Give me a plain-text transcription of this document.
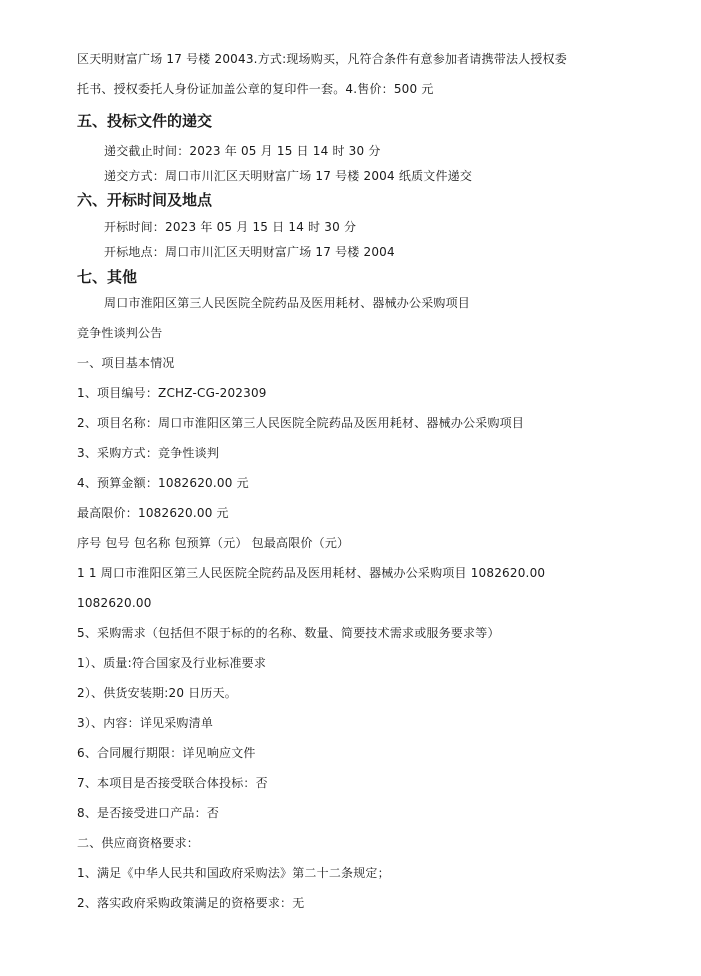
区天明财富广场 17 号楼 20043.方式:现场购买，凡符合条件有意参加者请携带法人授权委
托书、授权委托人身份证加盖公章的复印件一套。4.售价：500 元
五、投标文件的递交
递交截止时间：2023 年 05 月 15 日 14 时 30 分
递交方式：周口市川汇区天明财富广场 17 号楼 2004 纸质文件递交
六、开标时间及地点
开标时间：2023 年 05 月 15 日 14 时 30 分
开标地点：周口市川汇区天明财富广场 17 号楼 2004
七、其他
周口市淮阳区第三人民医院全院药品及医用耗材、器械办公采购项目
竞争性谈判公告
一、项目基本情况
1、项目编号：ZCHZ-CG-202309
2、项目名称：周口市淮阳区第三人民医院全院药品及医用耗材、器械办公采购项目
3、采购方式：竞争性谈判
4、预算金额：1082620.00 元
最高限价：1082620.00 元
序号 包号 包名称 包预算（元） 包最高限价（元）
1 1 周口市淮阳区第三人民医院全院药品及医用耗材、器械办公采购项目 1082620.00
1082620.00
5、采购需求（包括但不限于标的的名称、数量、简要技术需求或服务要求等）
1）、质量:符合国家及行业标准要求
2）、供货安装期:20 日历天。
3）、内容：详见采购清单
6、合同履行期限：详见响应文件
7、本项目是否接受联合体投标：否
8、是否接受进口产品：否
二、供应商资格要求：
1、满足《中华人民共和国政府采购法》第二十二条规定；
2、落实政府采购政策满足的资格要求：无
